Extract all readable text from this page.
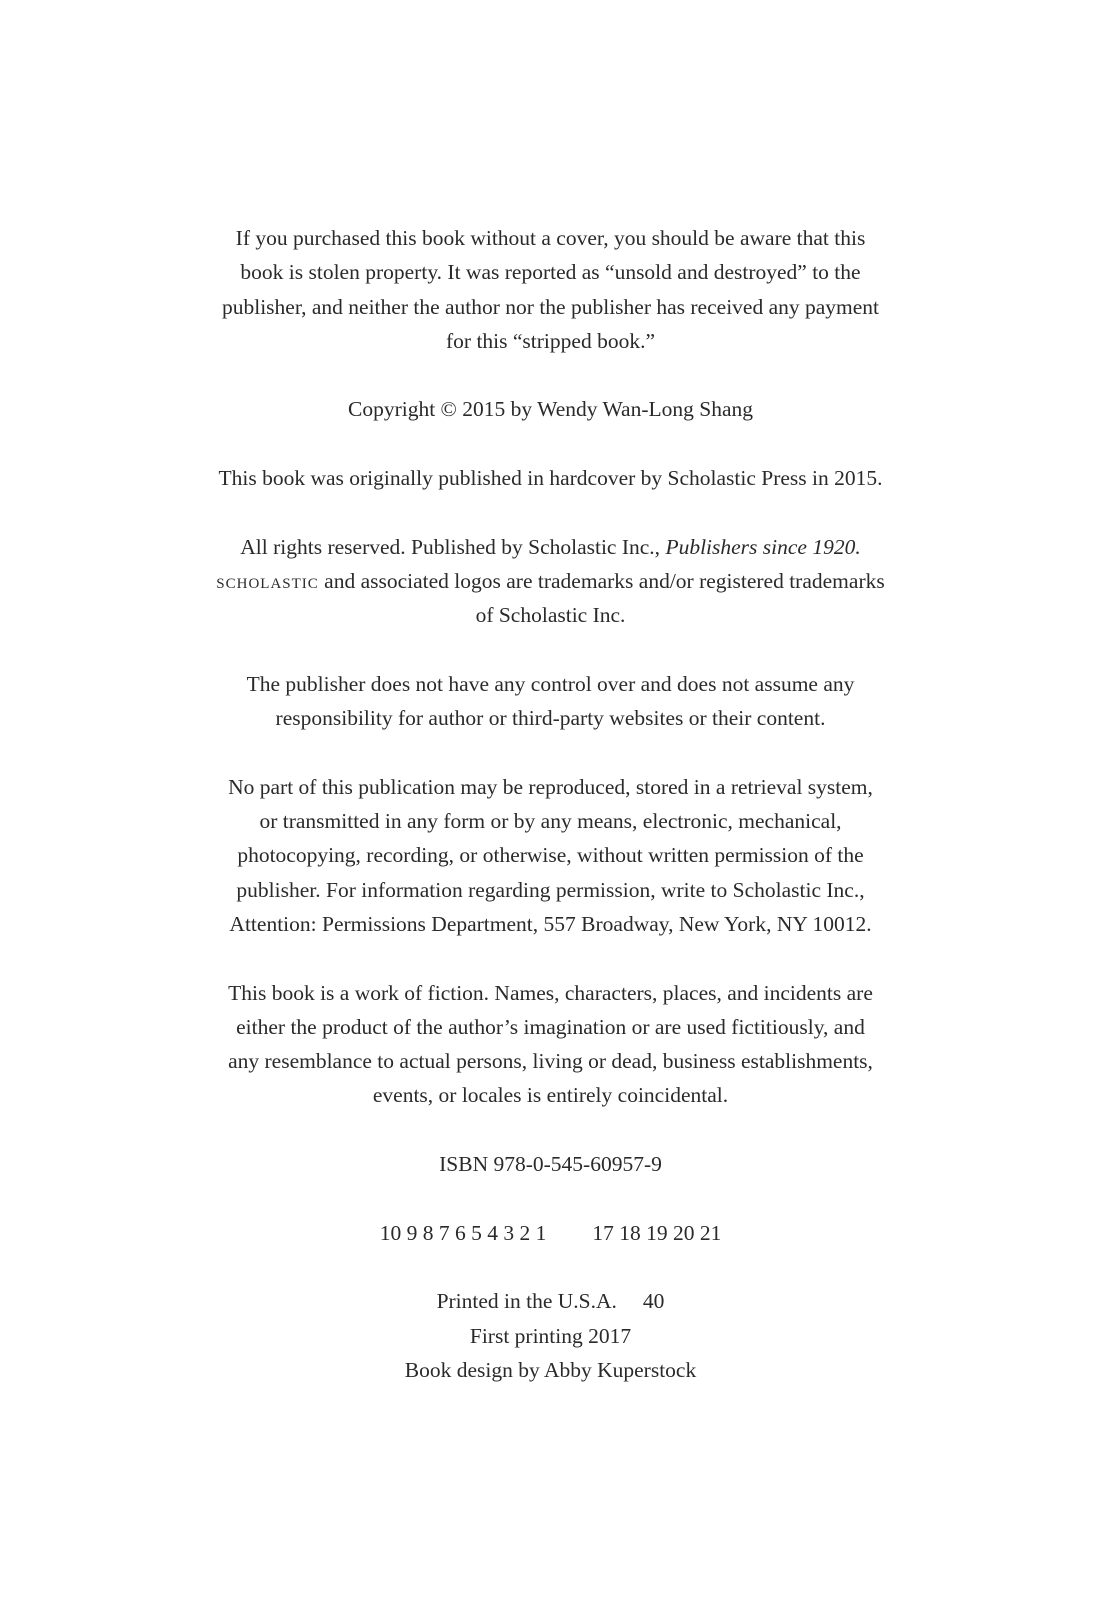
If you purchased this book without a cover, you should be aware that this
book is stolen property. It was reported as “unsold and destroyed” to the
publisher, and neither the author nor the publisher has received any payment
for this “stripped book.”
Copyright © 2015 by Wendy Wan-Long Shang
This book was originally published in hardcover by Scholastic Press in 2015.
All rights reserved. Published by Scholastic Inc., Publishers since 1920.
scholastic and associated logos are trademarks and/or registered trademarks
of Scholastic Inc.
The publisher does not have any control over and does not assume any
responsibility for author or third-party websites or their content.
No part of this publication may be reproduced, stored in a retrieval system,
or transmitted in any form or by any means, electronic, mechanical,
photocopying, recording, or otherwise, without written permission of the
publisher. For information regarding permission, write to Scholastic Inc.,
Attention: Permissions Department, 557 Broadway, New York, NY 10012.
This book is a work of fiction. Names, characters, places, and incidents are
either the product of the author’s imagination or are used fictitiously, and
any resemblance to actual persons, living or dead, business establishments,
events, or locales is entirely coincidental.
ISBN 978-0-545-60957-9
10 9 8 7 6 5 4 3 2 1 17 18 19 20 21
Printed in the U.S.A. 40
First printing 2017
Book design by Abby Kuperstock
